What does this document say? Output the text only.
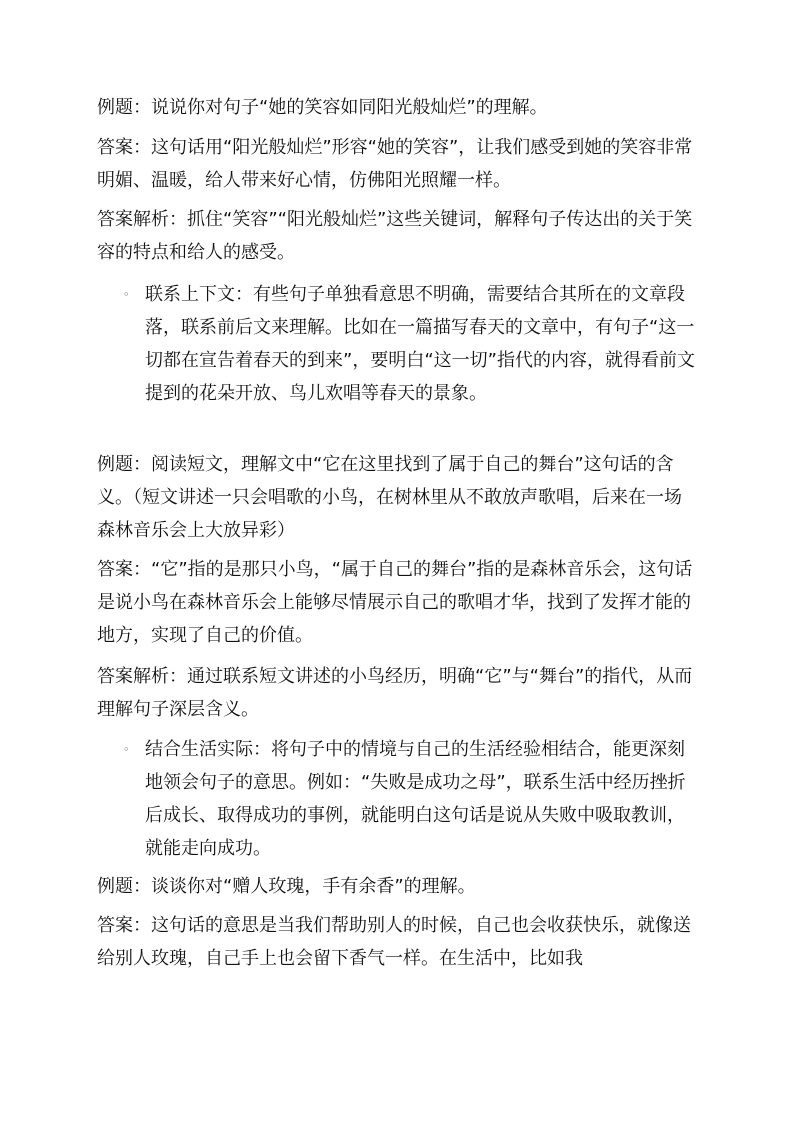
例题：说说你对句子“她的笑容如同阳光般灿烂”的理解。

答案：这句话用“阳光般灿烂”形容“她的笑容”，让我们感受到她的笑容非常明媚、温暖，给人带来好心情，仿佛阳光照耀一样。

答案解析：抓住“笑容”“阳光般灿烂”这些关键词，解释句子传达出的关于笑容的特点和给人的感受。

◦ 联系上下文：有些句子单独看意思不明确，需要结合其所在的文章段落，联系前后文来理解。比如在一篇描写春天的文章中，有句子“这一切都在宣告着春天的到来”，要明白“这一切”指代的内容，就得看前文提到的花朵开放、鸟儿欢唱等春天的景象。

例题：阅读短文，理解文中“它在这里找到了属于自己的舞台”这句话的含义。（短文讲述一只会唱歌的小鸟，在树林里从不敢放声歌唱，后来在一场森林音乐会上大放异彩）

答案：“它”指的是那只小鸟，“属于自己的舞台”指的是森林音乐会，这句话是说小鸟在森林音乐会上能够尽情展示自己的歌唱才华，找到了发挥才能的地方，实现了自己的价值。

答案解析：通过联系短文讲述的小鸟经历，明确“它”与“舞台”的指代，从而理解句子深层含义。

◦ 结合生活实际：将句子中的情境与自己的生活经验相结合，能更深刻地领会句子的意思。例如：“失败是成功之母”，联系生活中经历挫折后成长、取得成功的事例，就能明白这句话是说从失败中吸取教训，就能走向成功。

例题：谈谈你对“赠人玫瑰，手有余香”的理解。

答案：这句话的意思是当我们帮助别人的时候，自己也会收获快乐，就像送给别人玫瑰，自己手上也会留下香气一样。在生活中，比如我
